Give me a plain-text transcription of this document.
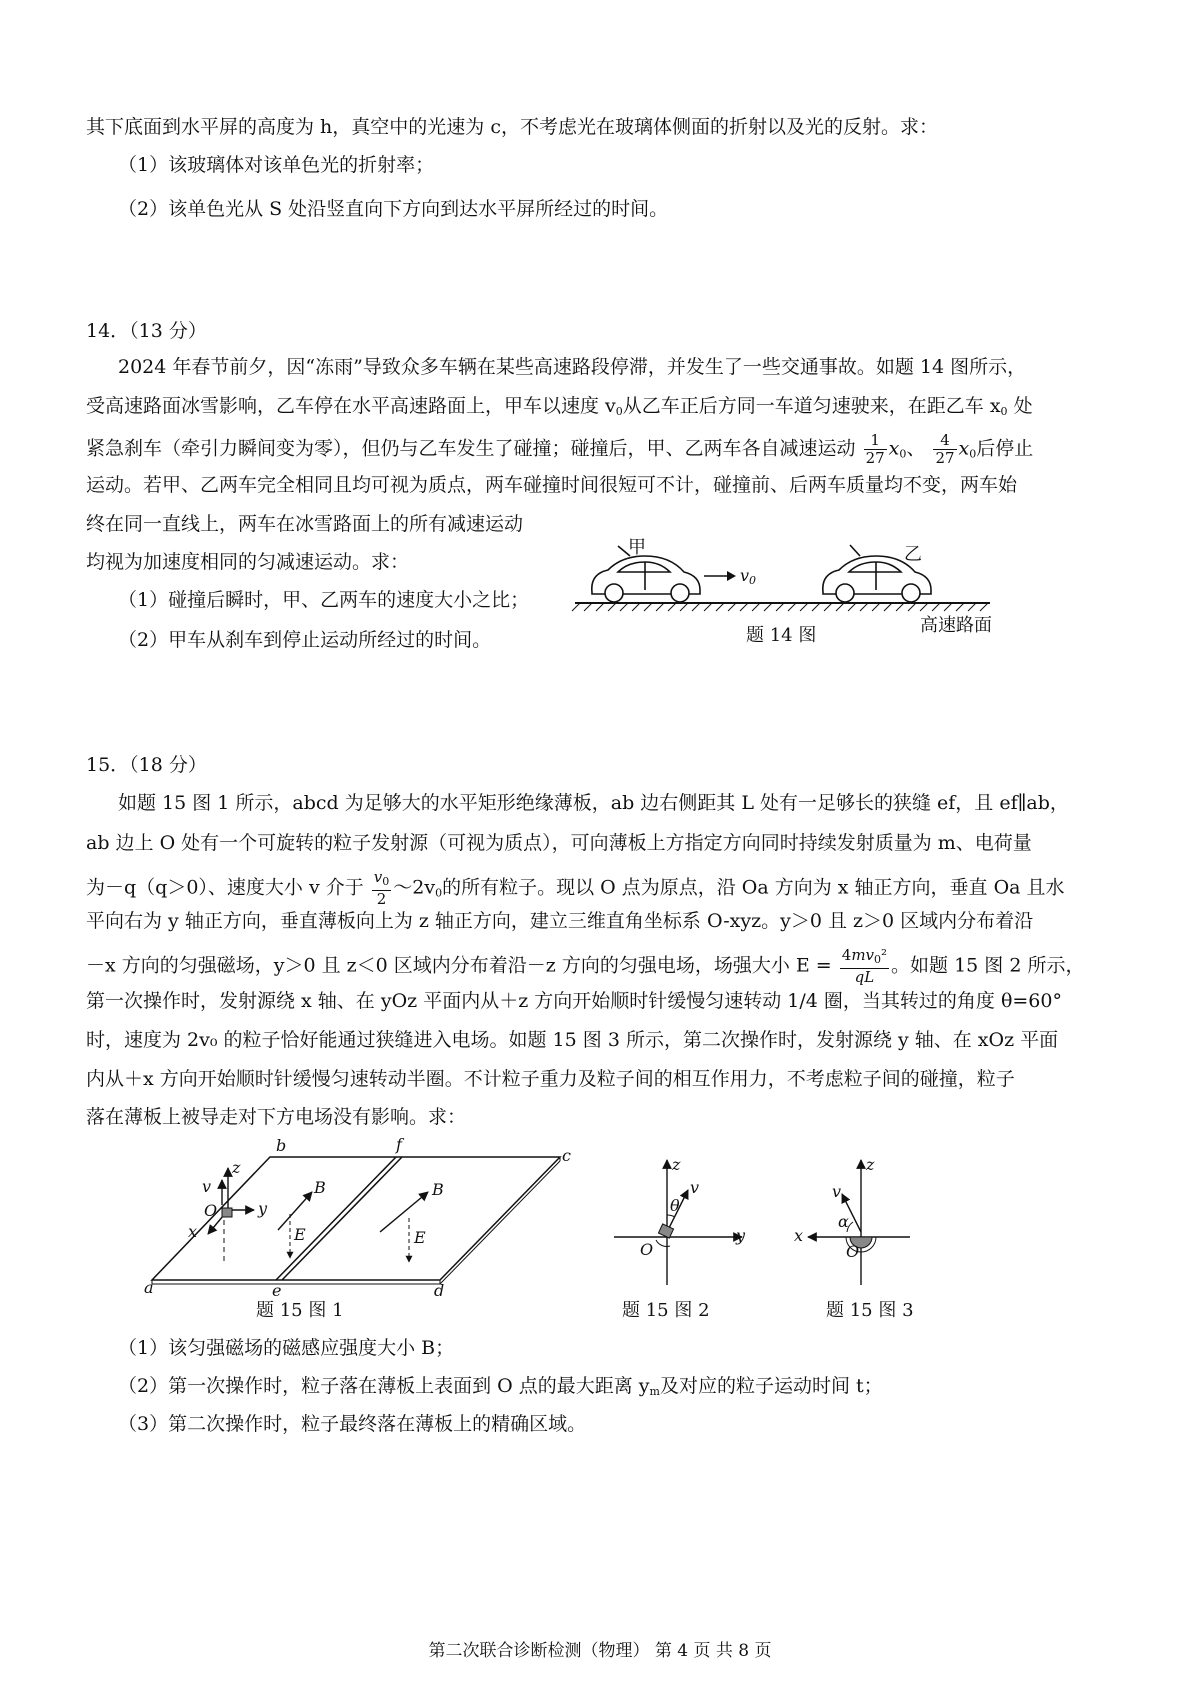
其下底面到水平屏的高度为 h，真空中的光速为 c，不考虑光在玻璃体侧面的折射以及光的反射。求：
（1）该玻璃体对该单色光的折射率；
（2）该单色光从 S 处沿竖直向下方向到达水平屏所经过的时间。
14．（13 分）
2024 年春节前夕，因“冻雨”导致众多车辆在某些高速路段停滞，并发生了一些交通事故。如题 14 图所示，
受高速路面冰雪影响，乙车停在水平高速路面上，甲车以速度 $v_0$从乙车正后方同一车道匀速驶来，在距乙车 $x_0$ 处
紧急刹车（牵引力瞬间变为零），但仍与乙车发生了碰撞；碰撞后，甲、乙两车各自减速运动 $\frac{1}{27} x_0$、 $\frac{4}{27} x_0$后停止
运动。若甲、乙两车完全相同且均可视为质点，两车碰撞时间很短可不计，碰撞前、后两车质量均不变，两车始
终在同一直线上，两车在冰雪路面上的所有减速运动
均视为加速度相同的匀减速运动。求：
（1）碰撞后瞬时，甲、乙两车的速度大小之比；
（2）甲车从刹车到停止运动所经过的时间。
甲	乙
$v_0$
题 14 图	高速路面
15．（18 分）
如题 15 图 1 所示，abcd 为足够大的水平矩形绝缘薄板，ab 边右侧距其 L 处有一足够长的狭缝 ef，且 ef∥ab，
ab 边上 O 处有一个可旋转的粒子发射源（可视为质点），可向薄板上方指定方向同时持续发射质量为 m、电荷量
为－q（q＞0）、速度大小 v 介于 $\frac{v_0}{2}$ $\sim 2v_0$的所有粒子。现以 O 点为原点，沿 Oa 方向为 x 轴正方向，垂直 Oa 且水
平向右为 y 轴正方向，垂直薄板向上为 z 轴正方向，建立三维直角坐标系 O-xyz。y＞0 且 z＞0 区域内分布着沿
－x 方向的匀强磁场，y＞0 且 z＜0 区域内分布着沿－z 方向的匀强电场，场强大小 $E = \frac{4mv_0^2}{qL}$ 。如题 15 图 2 所示，
第一次操作时，发射源绕 x 轴、在 yOz 平面内从＋z 方向开始顺时针缓慢匀速转动 1/4 圈，当其转过的角度 θ=60°
时，速度为 2v₀ 的粒子恰好能通过狭缝进入电场。如题 15 图 3 所示，第二次操作时，发射源绕 y 轴、在 xOz 平面
内从＋x 方向开始顺时针缓慢匀速转动半圈。不计粒子重力及粒子间的相互作用力，不考虑粒子间的碰撞，粒子
落在薄板上被导走对下方电场没有影响。求：
a
b
c
d
e
f
O
z
y
x
v	B
E
B
E
题 15 图 1
z
y
v
θ
O
题 15 图 2
z
x
v
α
O
题 15 图 3
（1）该匀强磁场的磁感应强度大小 B；
（2）第一次操作时，粒子落在薄板上表面到 O 点的最大距离 $y_m$及对应的粒子运动时间 t；
（3）第二次操作时，粒子最终落在薄板上的精确区域。
第二次联合诊断检测（物理） 第 4 页 共 8 页
